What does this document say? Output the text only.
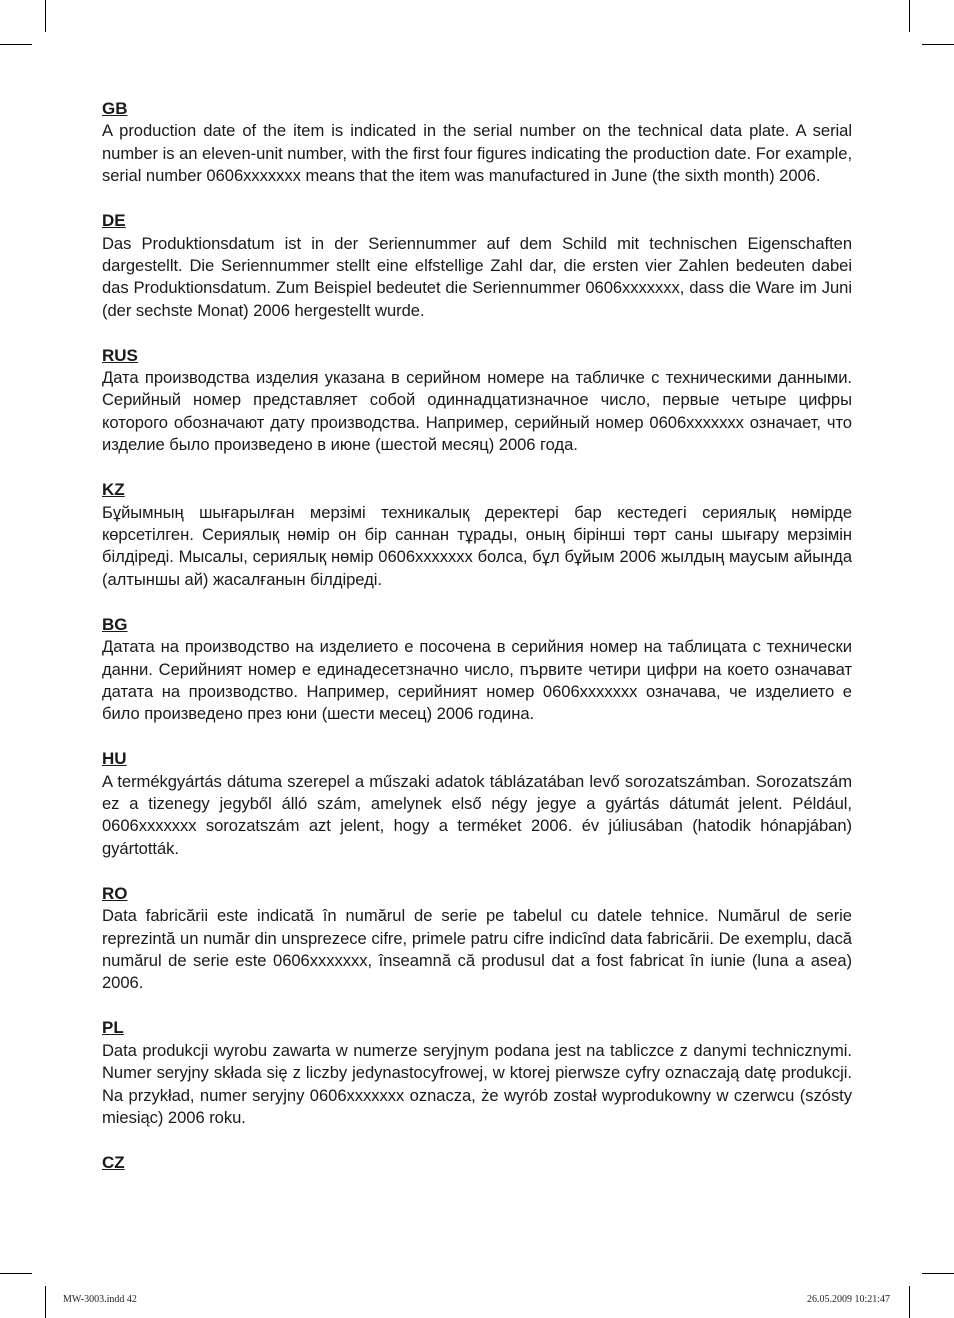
GB

A production date of the item is indicated in the serial number on the technical data plate. A serial number is an eleven-unit number, with the first four figures indicating the production date. For example, serial number 0606xxxxxxx means that the item was manufactured in June (the sixth month) 2006.

DE

Das Produktionsdatum ist in der Seriennummer auf dem Schild mit technischen Eigenschaften dargestellt. Die Seriennummer stellt eine elfstellige Zahl dar, die ersten vier Zahlen bedeuten dabei das Produktionsdatum. Zum Beispiel bedeutet die Seriennummer 0606xxxxxxx, dass die Ware im Juni (der sechste Monat) 2006 hergestellt wurde.

RUS

Дата производства изделия указана в серийном номере на табличке с техническими данными. Серийный номер представляет собой одиннадцатизначное число, первые четыре цифры которого обозначают дату производства. Например, серийный номер 0606xxxxxxx означает, что изделие было произведено в июне (шестой месяц) 2006 года.

KZ

Бұйымның шығарылған мерзімі техникалық деректері бар кестедегі сериялық нөмірде көрсетілген. Сериялық нөмір он бір саннан тұрады, оның бірінші төрт саны шығару мерзімін білдіреді. Мысалы, сериялық нөмір 0606xxxxxxx болса, бұл бұйым 2006 жылдың маусым айында (алтыншы ай) жасалғанын білдіреді.

BG

Датата на производство на изделието е посочена в серийния номер на таблицата с технически данни. Серийният номер е единадесетзначно число, първите четири цифри на което означават датата на производство. Например, серийният номер 0606xxxxxxx означава, че изделието е било произведено през юни (шести месец) 2006 година.

HU

A termékgyártás dátuma szerepel a műszaki adatok táblázatában levő sorozatszámban. Sorozatszám ez a tizenegy jegyből álló szám, amelynek első négy jegye a gyártás dátumát jelent. Például, 0606xxxxxxx sorozatszám azt jelent, hogy a terméket 2006. év júliusában (hatodik hónapjában) gyártották.

RO

Data fabricării este indicată în numărul de serie pe tabelul cu datele tehnice. Numărul de serie reprezintă un număr din unsprezece cifre, primele patru cifre indicînd data fabricării. De exemplu, dacă numărul de serie este 0606xxxxxxx, înseamnă că produsul dat a fost fabricat în iunie (luna a asea) 2006.

PL

Data produkcji wyrobu zawarta w numerze seryjnym podana jest na tabliczce z danymi technicznymi. Numer seryjny składa się z liczby jedynastocyfrowej, w ktorej pierwsze cyfry oznaczają datę produkcji. Na przykład, numer seryjny 0606xxxxxxx oznacza, że wyrób został wyprodukowny w czerwcu (szósty miesiąc) 2006 roku.

CZ
MW-3003.indd 42	26.05.2009 10:21:47
